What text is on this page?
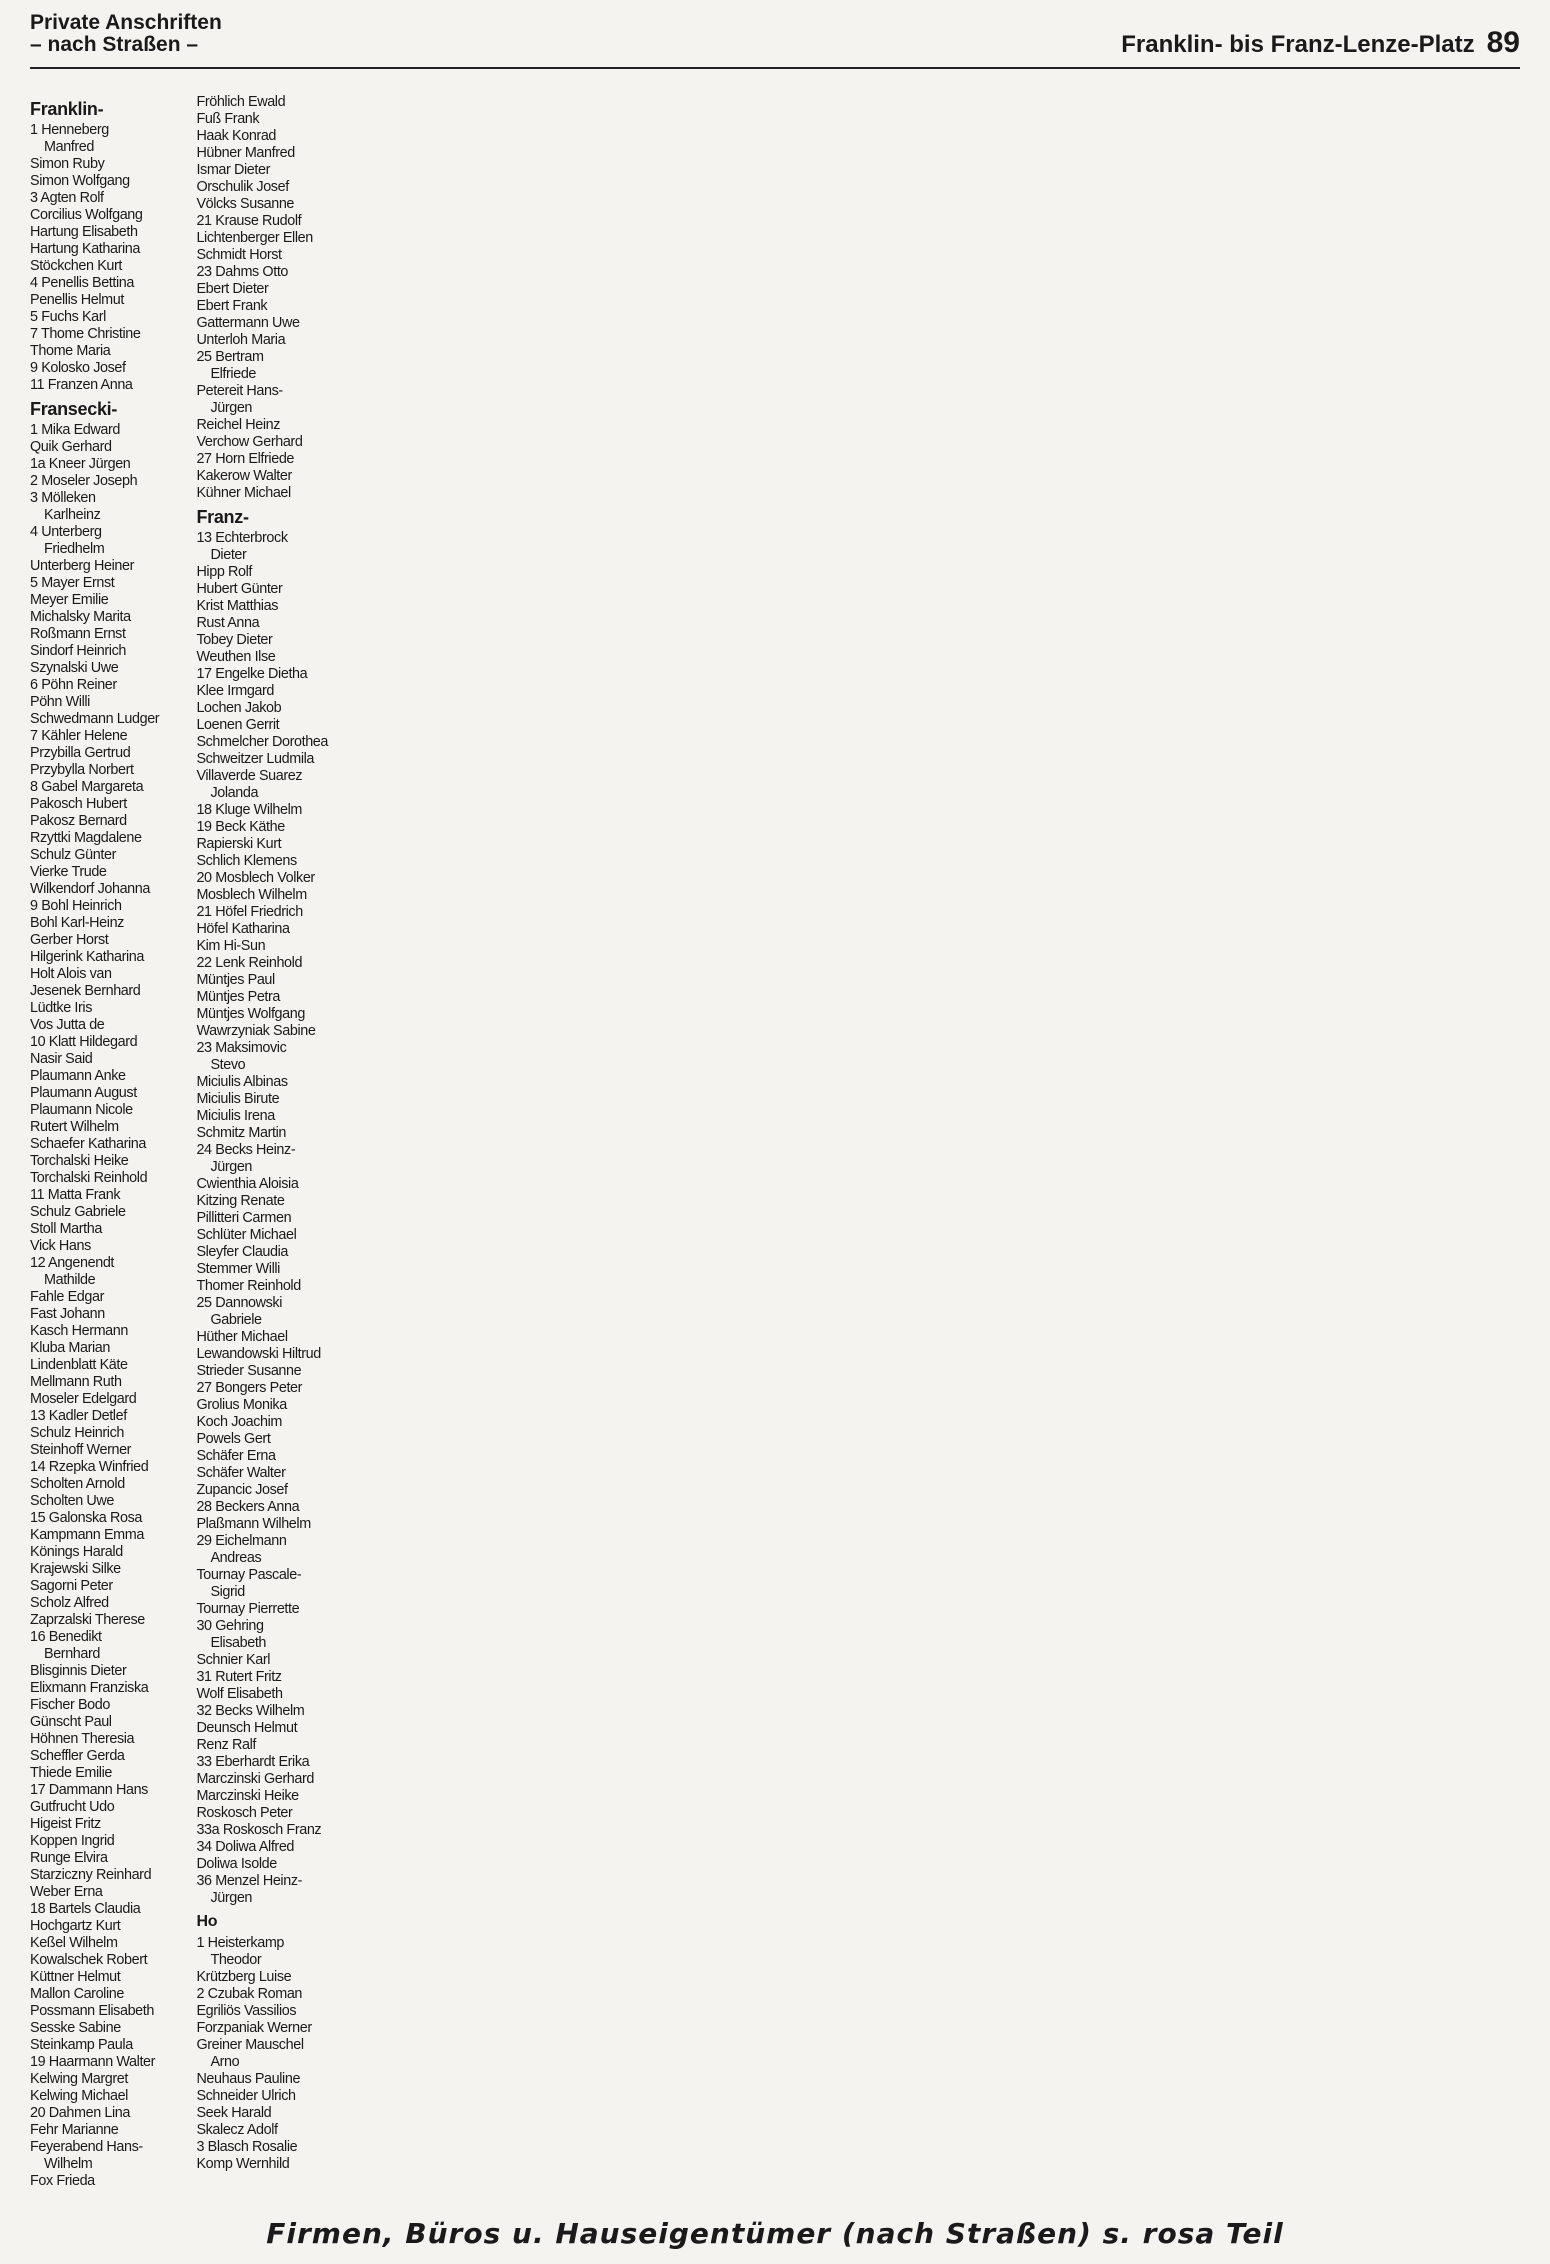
Private Anschriften
– nach Straßen –	Franklin- bis Franz-Lenze-Platz 89
Franklin-
1 Henneberg
Manfred
Simon Ruby
Simon Wolfgang
3 Agten Rolf
Corcilius Wolfgang
Hartung Elisabeth
Hartung Katharina
Stöckchen Kurt
4 Penellis Bettina
Penellis Helmut
5 Fuchs Karl
7 Thome Christine
Thome Maria
9 Kolosko Josef
11 Franzen Anna
Fransecki-
1 Mika Edward
Quik Gerhard
1a Kneer Jürgen
2 Moseler Joseph
3 Mölleken
Karlheinz
4 Unterberg
Friedhelm
Unterberg Heiner
5 Mayer Ernst
Meyer Emilie
Michalsky Marita
Roßmann Ernst
Sindorf Heinrich
Szynalski Uwe
6 Pöhn Reiner
Pöhn Willi
Schwedmann Ludger
7 Kähler Helene
Przybilla Gertrud
Przybylla Norbert
8 Gabel Margareta
Pakosch Hubert
Pakosz Bernard
Rzyttki Magdalene
Schulz Günter
Vierke Trude
Wilkendorf Johanna
9 Bohl Heinrich
Bohl Karl-Heinz
Gerber Horst
Hilgerink Katharina
Holt Alois van
Jesenek Bernhard
Lüdtke Iris
Vos Jutta de
10 Klatt Hildegard
Nasir Said
Plaumann Anke
Plaumann August
Plaumann Nicole
Rutert Wilhelm
Schaefer Katharina
Torchalski Heike
Torchalski Reinhold
11 Matta Frank
Schulz Gabriele
Stoll Martha
Vick Hans
12 Angenendt
Mathilde
Fahle Edgar
Fast Johann
Kasch Hermann
Kluba Marian
Lindenblatt Käte
Mellmann Ruth
Moseler Edelgard
13 Kadler Detlef
Schulz Heinrich
Steinhoff Werner
14 Rzepka Winfried
Scholten Arnold
Scholten Uwe
15 Galonska Rosa
Kampmann Emma
Könings Harald
Krajewski Silke
Sagorni Peter
Scholz Alfred
Zaprzalski Therese
16 Benedikt
Bernhard
Blisginnis Dieter
Elixmann Franziska
Fischer Bodo
Günscht Paul
Höhnen Theresia
Scheffler Gerda
Thiede Emilie
17 Dammann Hans
Gutfrucht Udo
Higeist Fritz
Koppen Ingrid
Runge Elvira
Starziczny Reinhard
Weber Erna
18 Bartels Claudia
Hochgartz Kurt
Keßel Wilhelm
Kowalschek Robert
Küttner Helmut
Mallon Caroline
Possmann Elisabeth
Sesske Sabine
Steinkamp Paula
19 Haarmann Walter
Kelwing Margret
Kelwing Michael
20 Dahmen Lina
Fehr Marianne
Feyerabend Hans-
Wilhelm
Fox Frieda
Fröhlich Ewald
Fuß Frank
Haak Konrad
Hübner Manfred
Ismar Dieter
Orschulik Josef
Völcks Susanne
21 Krause Rudolf
Lichtenberger Ellen
Schmidt Horst
23 Dahms Otto
Ebert Dieter
Ebert Frank
Gattermann Uwe
Unterloh Maria
25 Bertram
Elfriede
Petereit Hans-
Jürgen
Reichel Heinz
Verchow Gerhard
27 Horn Elfriede
Kakerow Walter
Kühner Michael
Franz-
13 Echterbrock
Dieter
Hipp Rolf
Hubert Günter
Krist Matthias
Rust Anna
Tobey Dieter
Weuthen Ilse
17 Engelke Diethа
Klee Irmgard
Lochen Jakob
Loenen Gerrit
Schmelcher Dorothea
Schweitzer Ludmila
Villaverde Suarez
Jolanda
18 Kluge Wilhelm
19 Beck Käthe
Rapierski Kurt
Schlich Klemens
20 Mosblech Volker
Mosblech Wilhelm
21 Höfel Friedrich
Höfel Katharina
Kim Hi-Sun
22 Lenk Reinhold
Müntjes Paul
Müntjes Petra
Müntjes Wolfgang
Wawrzyniak Sabine
23 Maksimovic
Stevo
Miciulis Albinas
Miciulis Birute
Miciulis Irena
Schmitz Martin
24 Becks Heinz-
Jürgen
Cwienthia Aloisia
Kitzing Renate
Pillitteri Carmen
Schlüter Michael
Sleyfer Claudia
Stemmer Willi
Thomer Reinhold
25 Dannowski
Gabriele
Hüther Michael
Lewandowski Hiltrud
Strieder Susanne
27 Bongers Peter
Grolius Monika
Koch Joachim
Powels Gert
Schäfer Erna
Schäfer Walter
Zupancic Josef
28 Beckers Anna
Plaßmann Wilhelm
29 Eichelmann
Andreas
Tournay Pascale-
Sigrid
Tournay Pierrette
30 Gehring
Elisabeth
Schnier Karl
31 Rutert Fritz
Wolf Elisabeth
32 Becks Wilhelm
Deunsch Helmut
Renz Ralf
33 Eberhardt Erika
Marczinski Gerhard
Marczinski Heike
Roskosch Peter
33a Roskosch Franz
34 Doliwa Alfred
Doliwa Isolde
36 Menzel Heinz-
Jürgen
Ho
1 Heisterkamp
Theodor
Krützberg Luise
2 Czubak Roman
Egriliös Vassilios
Forzpaniak Werner
Greiner Mauschel
Arno
Neuhaus Pauline
Schneider Ulrich
Seek Harald
Skalecz Adolf
3 Blasch Rosalie
Komp Wernhild
Firmen, Büros u. Hauseigentümer (nach Straßen) s. rosa Teil
